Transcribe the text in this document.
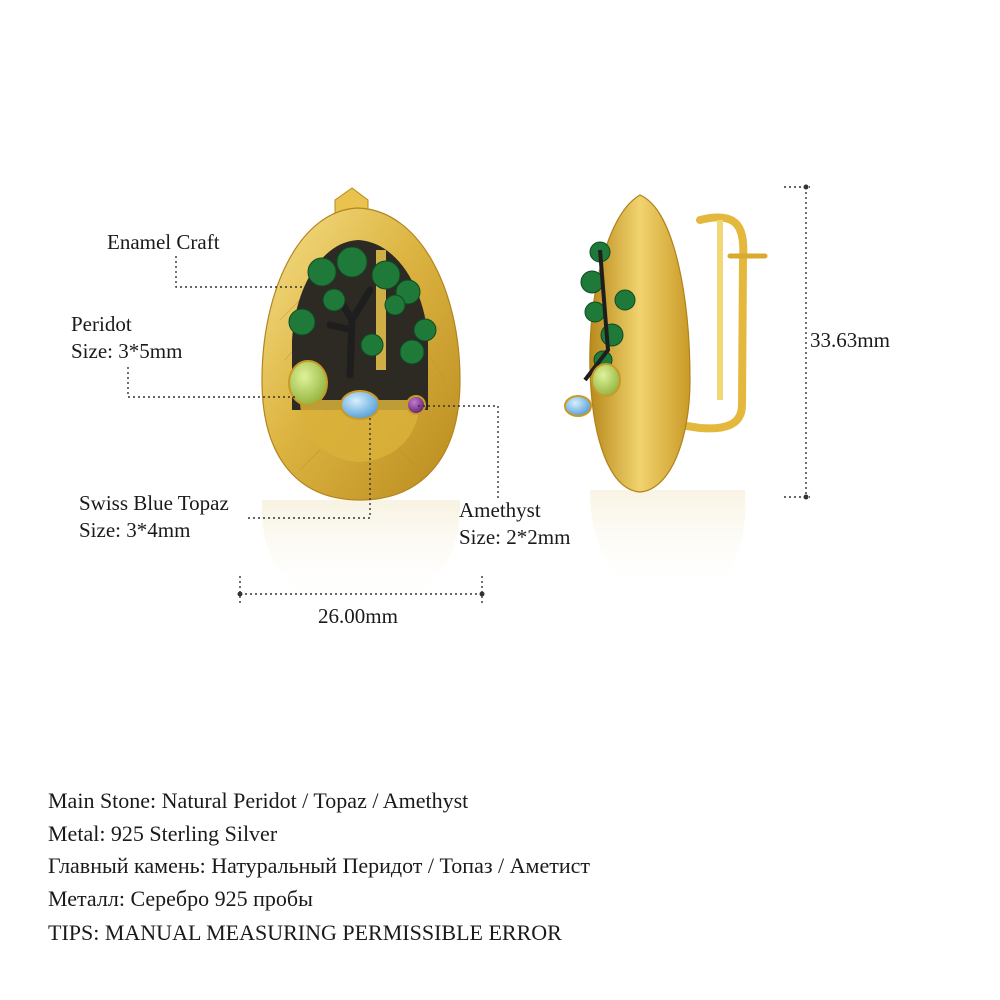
Enamel Craft
Peridot
Size: 3*5mm
Swiss Blue Topaz
Size: 3*4mm
Amethyst
Size: 2*2mm
26.00mm
33.63mm
Main Stone: Natural Peridot / Topaz / Amethyst
Metal: 925 Sterling Silver
Главный камень: Натуральный Перидот / Топаз / Аметист
Металл: Серебро 925 пробы
TIPS: MANUAL MEASURING PERMISSIBLE ERROR
